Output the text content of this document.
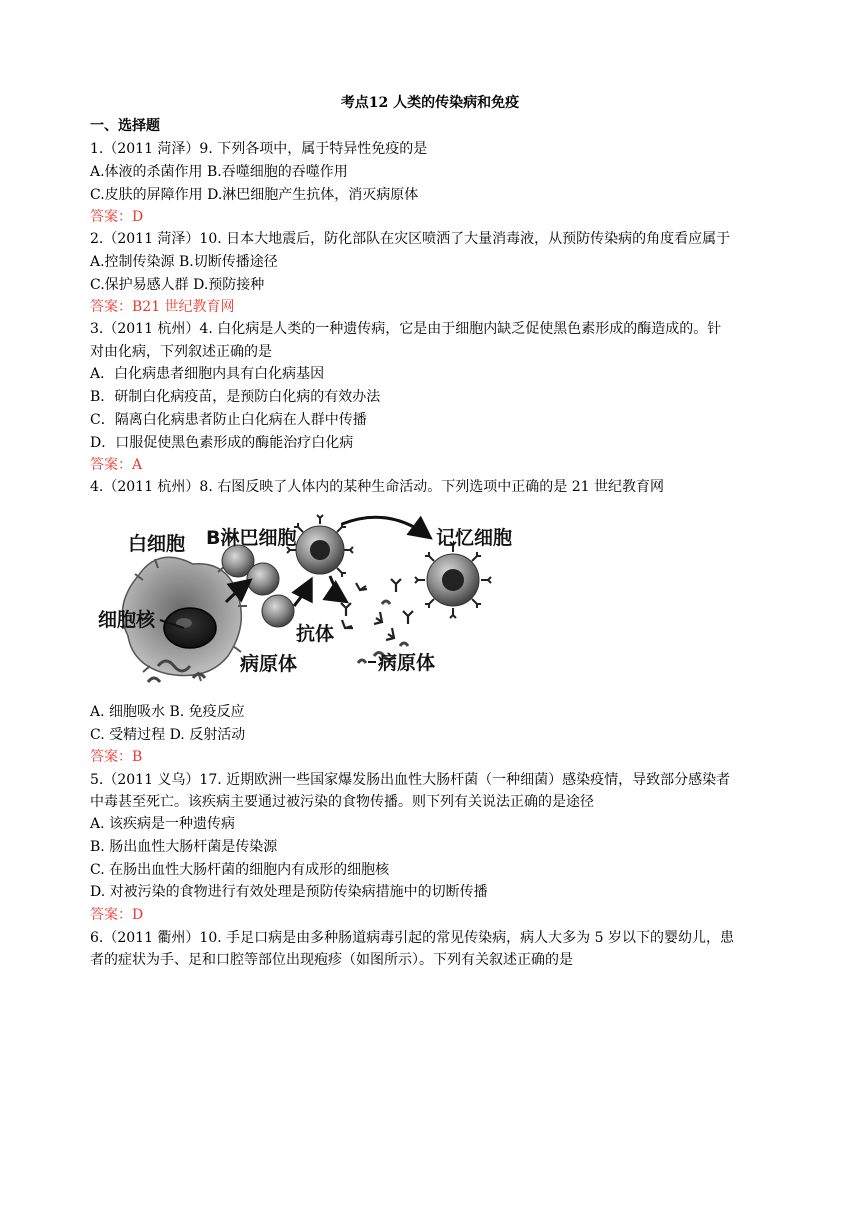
考点12 人类的传染病和免疫
一、选择题
1.（2011 菏泽）9. 下列各项中，属于特异性免疫的是
A.体液的杀菌作用 B.吞噬细胞的吞噬作用
C.皮肤的屏障作用 D.淋巴细胞产生抗体，消灭病原体
答案：D
2.（2011 菏泽）10. 日本大地震后，防化部队在灾区喷洒了大量消毒液，从预防传染病的角度看应属于
A.控制传染源 B.切断传播途径
C.保护易感人群 D.预防接种
答案：B21 世纪教育网
3.（2011 杭州）4. 白化病是人类的一种遗传病，它是由于细胞内缺乏促使黑色素形成的酶造成的。针
对由化病，下列叙述正确的是
A．白化病患者细胞内具有白化病基因
B．研制白化病疫苗，是预防白化病的有效办法
C．隔离白化病患者防止白化病在人群中传播
D．口服促使黑色素形成的酶能治疗白化病
答案：A
4.（2011 杭州）8. 右图反映了人体内的某种生命活动。下列选项中正确的是 21 世纪教育网
白细胞 B淋巴细胞	记忆细胞
细胞核
抗体
病原体	病原体
A. 细胞吸水 B. 免疫反应
C. 受精过程 D. 反射活动
答案：B
5.（2011 义乌）17. 近期欧洲一些国家爆发肠出血性大肠杆菌（一种细菌）感染疫情，导致部分感染者
中毒甚至死亡。该疾病主要通过被污染的食物传播。则下列有关说法正确的是途径
A. 该疾病是一种遗传病
B. 肠出血性大肠杆菌是传染源
C. 在肠出血性大肠杆菌的细胞内有成形的细胞核
D. 对被污染的食物进行有效处理是预防传染病措施中的切断传播
答案：D
6.（2011 衢州）10. 手足口病是由多种肠道病毒引起的常见传染病，病人大多为 5 岁以下的婴幼儿，患
者的症状为手、足和口腔等部位出现疱疹（如图所示）。下列有关叙述正确的是
